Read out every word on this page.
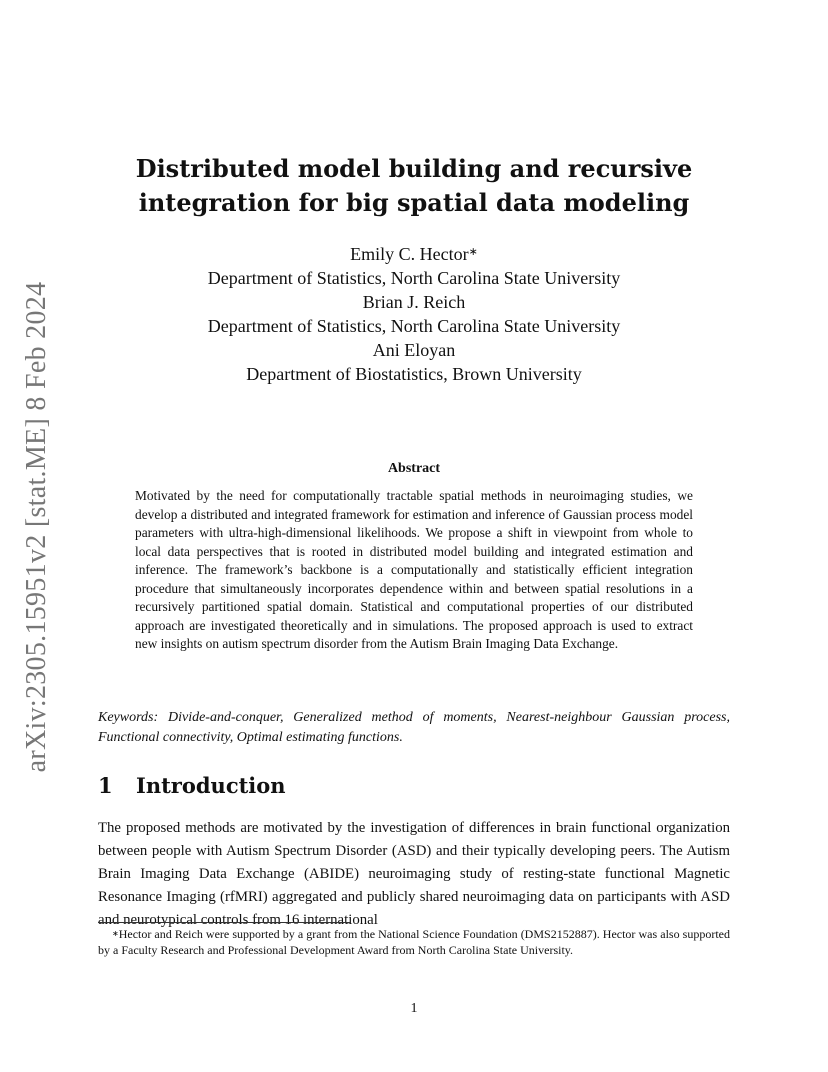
arXiv:2305.15951v2 [stat.ME] 8 Feb 2024
Distributed model building and recursive
integration for big spatial data modeling
Emily C. Hector∗
Department of Statistics, North Carolina State University
Brian J. Reich
Department of Statistics, North Carolina State University
Ani Eloyan
Department of Biostatistics, Brown University
Abstract
Motivated by the need for computationally tractable spatial methods in neuroimaging studies, we develop a distributed and integrated framework for estimation and inference of Gaussian process model parameters with ultra-high-dimensional likelihoods. We propose a shift in viewpoint from whole to local data perspectives that is rooted in distributed model building and integrated estimation and inference. The framework’s backbone is a computationally and statistically efficient integration procedure that simultaneously incorporates dependence within and between spatial resolutions in a recursively partitioned spatial domain. Statistical and computational properties of our distributed approach are investigated theoretically and in simulations. The proposed approach is used to extract new insights on autism spectrum disorder from the Autism Brain Imaging Data Exchange.
Keywords: Divide-and-conquer, Generalized method of moments, Nearest-neighbour Gaussian process, Functional connectivity, Optimal estimating functions.
1 Introduction
The proposed methods are motivated by the investigation of differences in brain functional organization between people with Autism Spectrum Disorder (ASD) and their typically developing peers. The Autism Brain Imaging Data Exchange (ABIDE) neuroimaging study of resting-state functional Magnetic Resonance Imaging (rfMRI) aggregated and publicly shared neuroimaging data on participants with ASD and neurotypical controls from 16 international
∗Hector and Reich were supported by a grant from the National Science Foundation (DMS2152887). Hector was also supported by a Faculty Research and Professional Development Award from North Carolina State University.
1
